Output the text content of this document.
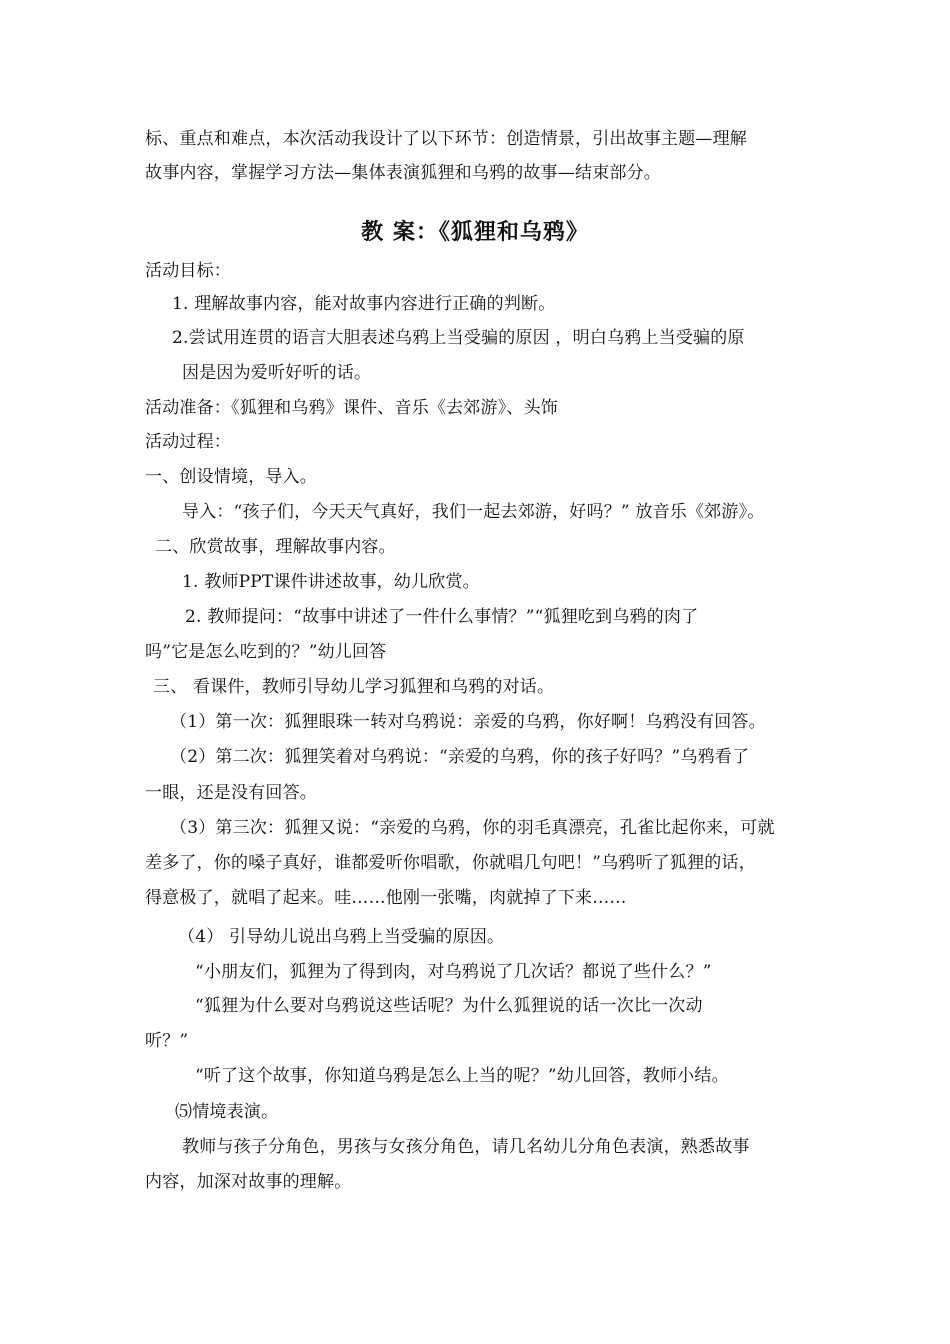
标、重点和难点，本次活动我设计了以下环节：创造情景，引出故事主题—理解

故事内容，掌握学习方法—集体表演狐狸和乌鸦的故事—结束部分。

教 案：《狐狸和乌鸦》

活动目标：

1. 理解故事内容，能对故事内容进行正确的判断。

2.尝试用连贯的语言大胆表述乌鸦上当受骗的原因 ，明白乌鸦上当受骗的原

因是因为爱听好听的话。

活动准备：《狐狸和乌鸦》课件、音乐《去郊游》、头饰

活动过程：

一、创设情境，导入。

导入：“孩子们，今天天气真好，我们一起去郊游，好吗？” 放音乐《郊游》。

二、欣赏故事，理解故事内容。

1. 教师PPT课件讲述故事，幼儿欣赏。

2. 教师提问：“故事中讲述了一件什么事情？”“狐狸吃到乌鸦的肉了

吗”它是怎么吃到的？”幼儿回答

三、 看课件，教师引导幼儿学习狐狸和乌鸦的对话。

（1）第一次：狐狸眼珠一转对乌鸦说：亲爱的乌鸦，你好啊！乌鸦没有回答。

（2）第二次：狐狸笑着对乌鸦说：“亲爱的乌鸦，你的孩子好吗？”乌鸦看了

一眼，还是没有回答。

（3）第三次：狐狸又说：“亲爱的乌鸦，你的羽毛真漂亮，孔雀比起你来，可就

差多了，你的嗓子真好，谁都爱听你唱歌，你就唱几句吧！”乌鸦听了狐狸的话，

得意极了，就唱了起来。哇……他刚一张嘴，肉就掉了下来……

（4） 引导幼儿说出乌鸦上当受骗的原因。

“小朋友们，狐狸为了得到肉，对乌鸦说了几次话？都说了些什么？”

“狐狸为什么要对乌鸦说这些话呢？为什么狐狸说的话一次比一次动

听？”

“听了这个故事，你知道乌鸦是怎么上当的呢？”幼儿回答，教师小结。

⑸情境表演。

教师与孩子分角色，男孩与女孩分角色，请几名幼儿分角色表演，熟悉故事

内容，加深对故事的理解。
